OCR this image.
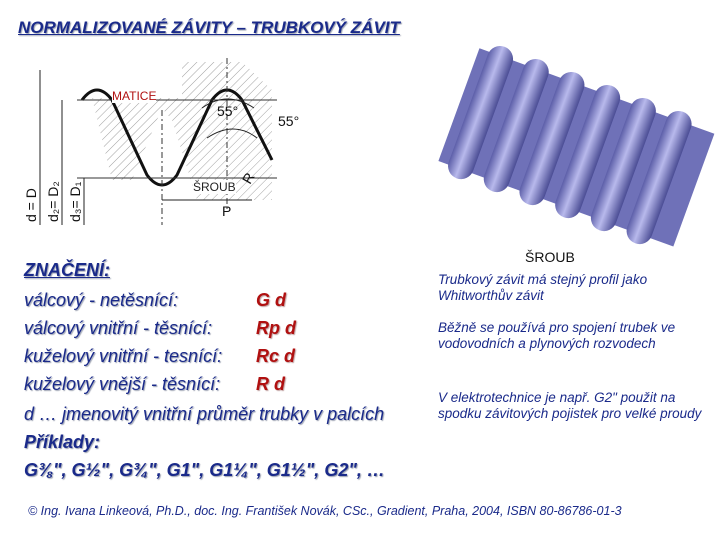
NORMALIZOVANÉ ZÁVITY – TRUBKOVÝ ZÁVIT
55°
55°
R
P
d = D d₂= D₂ d₃= D₁
MATICE
ŠROUB
ŠROUB
ZNAČENÍ:
válcový - netěsnící:	G d
válcový vnitřní - těsnící: Rp d
kuželový vnitřní - tesnící: Rc d
kuželový vnější - těsnící: R d
d … jmenovitý vnitřní průměr trubky v palcích
Příklady:
G⅜", G½", G¾", G1", G1¼", G1½", G2", …
Trubkový závit má stejný profil jako Whitworthův závit
Běžně se používá pro spojení trubek ve vodovodních a plynových rozvodech
V elektrotechnice je např. G2" použit na spodku závitových pojistek pro velké proudy
© Ing. Ivana Linkeová, Ph.D., doc. Ing. František Novák, CSc., Gradient, Praha, 2004, ISBN 80-86786-01-3
